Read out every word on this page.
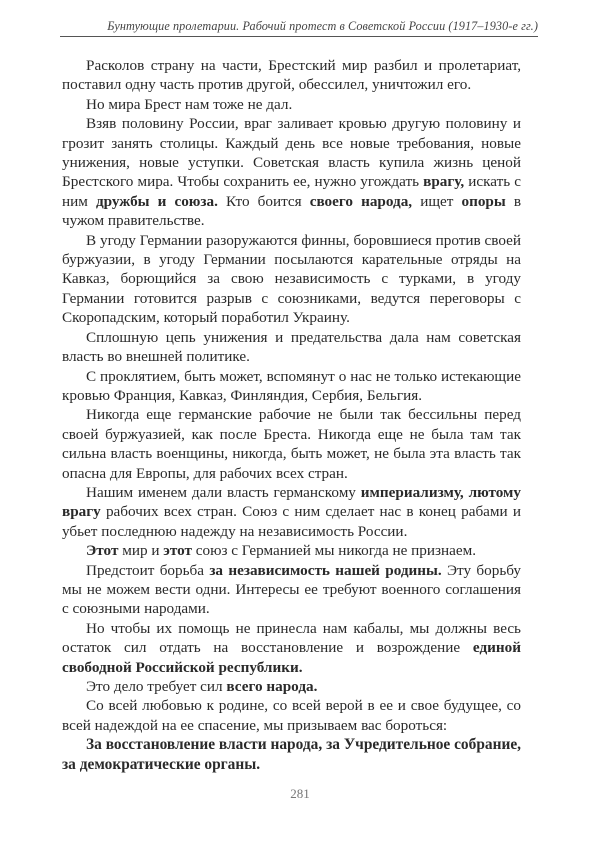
Бунтующие пролетарии. Рабочий протест в Советской России (1917–1930-е гг.)

Расколов страну на части, Брестский мир разбил и пролетариат, поставил одну часть против другой, обессилел, уничтожил его.

Но мира Брест нам тоже не дал.

Взяв половину России, враг заливает кровью другую половину и грозит занять столицы. Каждый день все новые требования, новые унижения, новые уступки. Советская власть купила жизнь ценой Брестского мира. Чтобы сохранить ее, нужно угождать врагу, искать с ним дружбы и союза. Кто боится своего народа, ищет опоры в чужом правительстве.

В угоду Германии разоружаются финны, боровшиеся против своей буржуазии, в угоду Германии посылаются карательные отряды на Кавказ, борющийся за свою независимость с турками, в угоду Германии готовится разрыв с союзниками, ведутся переговоры с Скоропадским, который поработил Украину.

Сплошную цепь унижения и предательства дала нам советская власть во внешней политике.

С проклятием, быть может, вспомянут о нас не только истекающие кровью Франция, Кавказ, Финляндия, Сербия, Бельгия.

Никогда еще германские рабочие не были так бессильны перед своей буржуазией, как после Бреста. Никогда еще не была там так сильна власть военщины, никогда, быть может, не была эта власть так опасна для Европы, для рабочих всех стран.

Нашим именем дали власть германскому империализму, лютому врагу рабочих всех стран. Союз с ним сделает нас в конец рабами и убьет последнюю надежду на независимость России.

Этот мир и этот союз с Германией мы никогда не признаем.

Предстоит борьба за независимость нашей родины. Эту борьбу мы не можем вести одни. Интересы ее требуют военного соглашения с союзными народами.

Но чтобы их помощь не принесла нам кабалы, мы должны весь остаток сил отдать на восстановление и возрождение единой свободной Российской республики.

Это дело требует сил всего народа.

Со всей любовью к родине, со всей верой в ее и свое будущее, со всей надеждой на ее спасение, мы призываем вас бороться:

За восстановление власти народа, за Учредительное собрание, за демократические органы.

281
